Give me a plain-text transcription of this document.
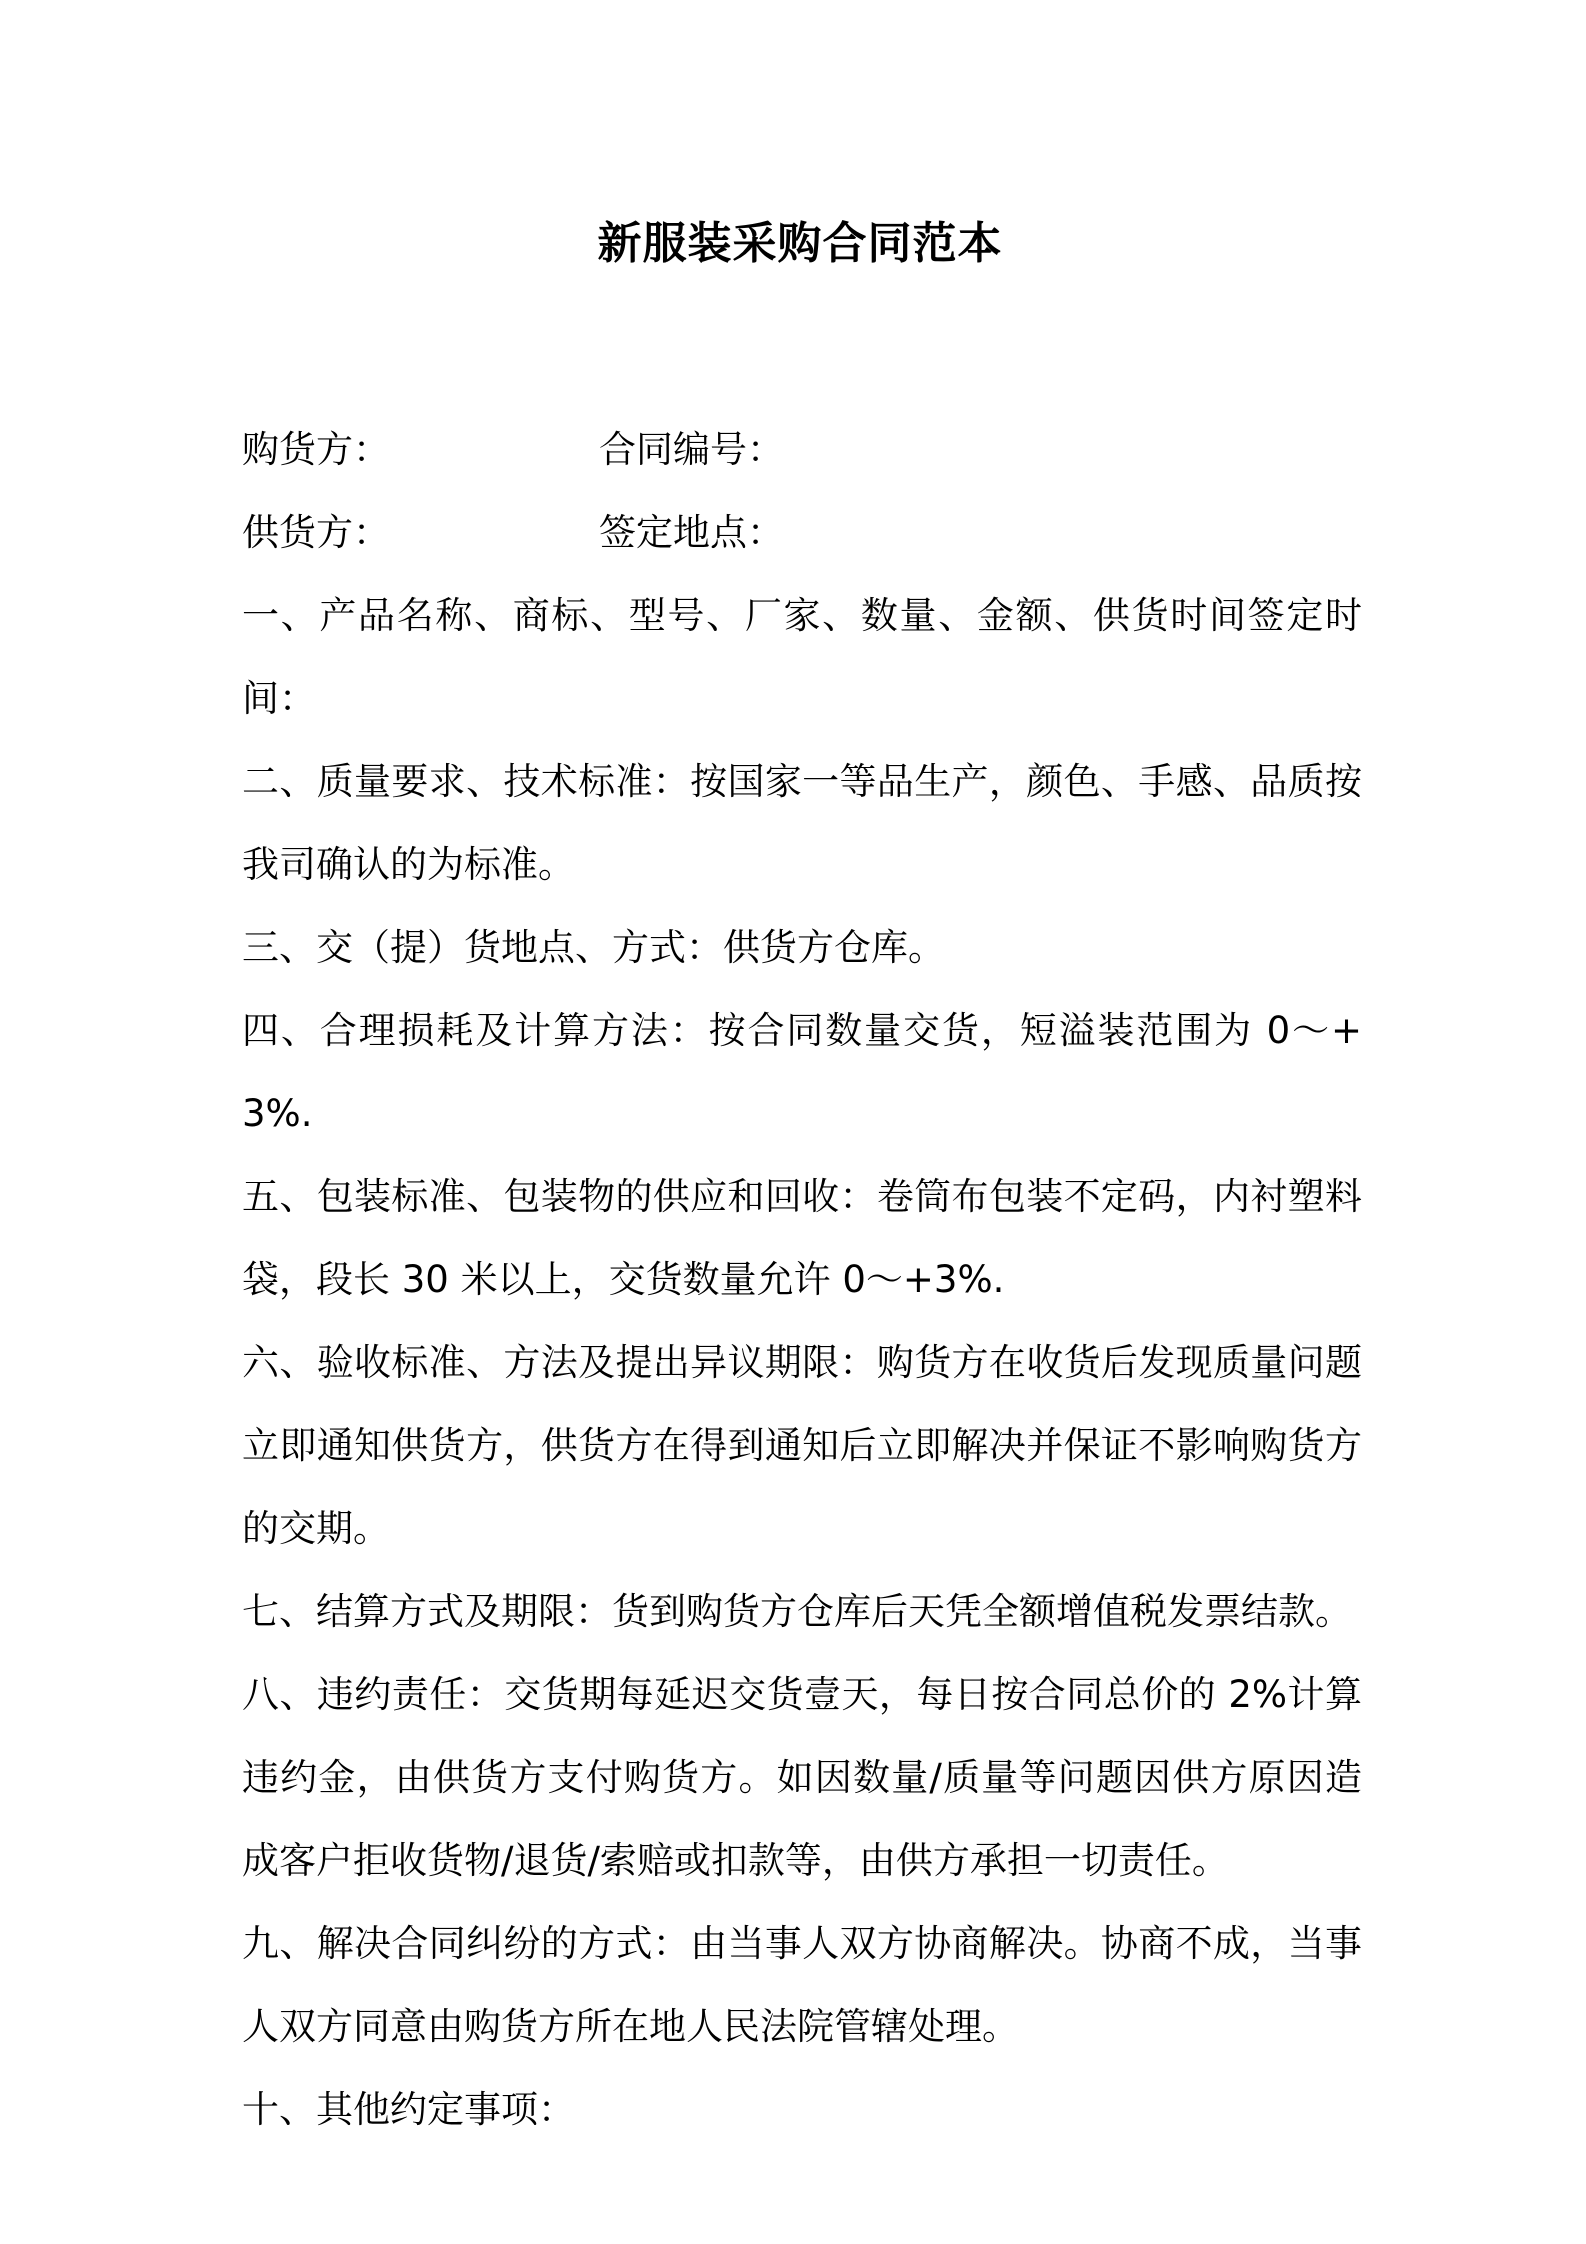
新服装采购合同范本
购货方：	合同编号：
供货方：	签定地点：

一、产品名称、商标、型号、厂家、数量、金额、供货时间签定时间：

二、质量要求、技术标准：按国家一等品生产，颜色、手感、品质按我司确认的为标准。

三、交（提）货地点、方式：供货方仓库。

四、合理损耗及计算方法：按合同数量交货，短溢装范围为 0～+3%.

五、包装标准、包装物的供应和回收：卷筒布包装不定码，内衬塑料袋，段长 30 米以上，交货数量允许 0～+3%.

六、验收标准、方法及提出异议期限：购货方在收货后发现质量问题立即通知供货方，供货方在得到通知后立即解决并保证不影响购货方的交期。

七、结算方式及期限：货到购货方仓库后天凭全额增值税发票结款。

八、违约责任：交货期每延迟交货壹天，每日按合同总价的 2%计算违约金，由供货方支付购货方。如因数量/质量等问题因供方原因造成客户拒收货物/退货/索赔或扣款等，由供方承担一切责任。

九、解决合同纠纷的方式：由当事人双方协商解决。协商不成，当事人双方同意由购货方所在地人民法院管辖处理。

十、其他约定事项：
